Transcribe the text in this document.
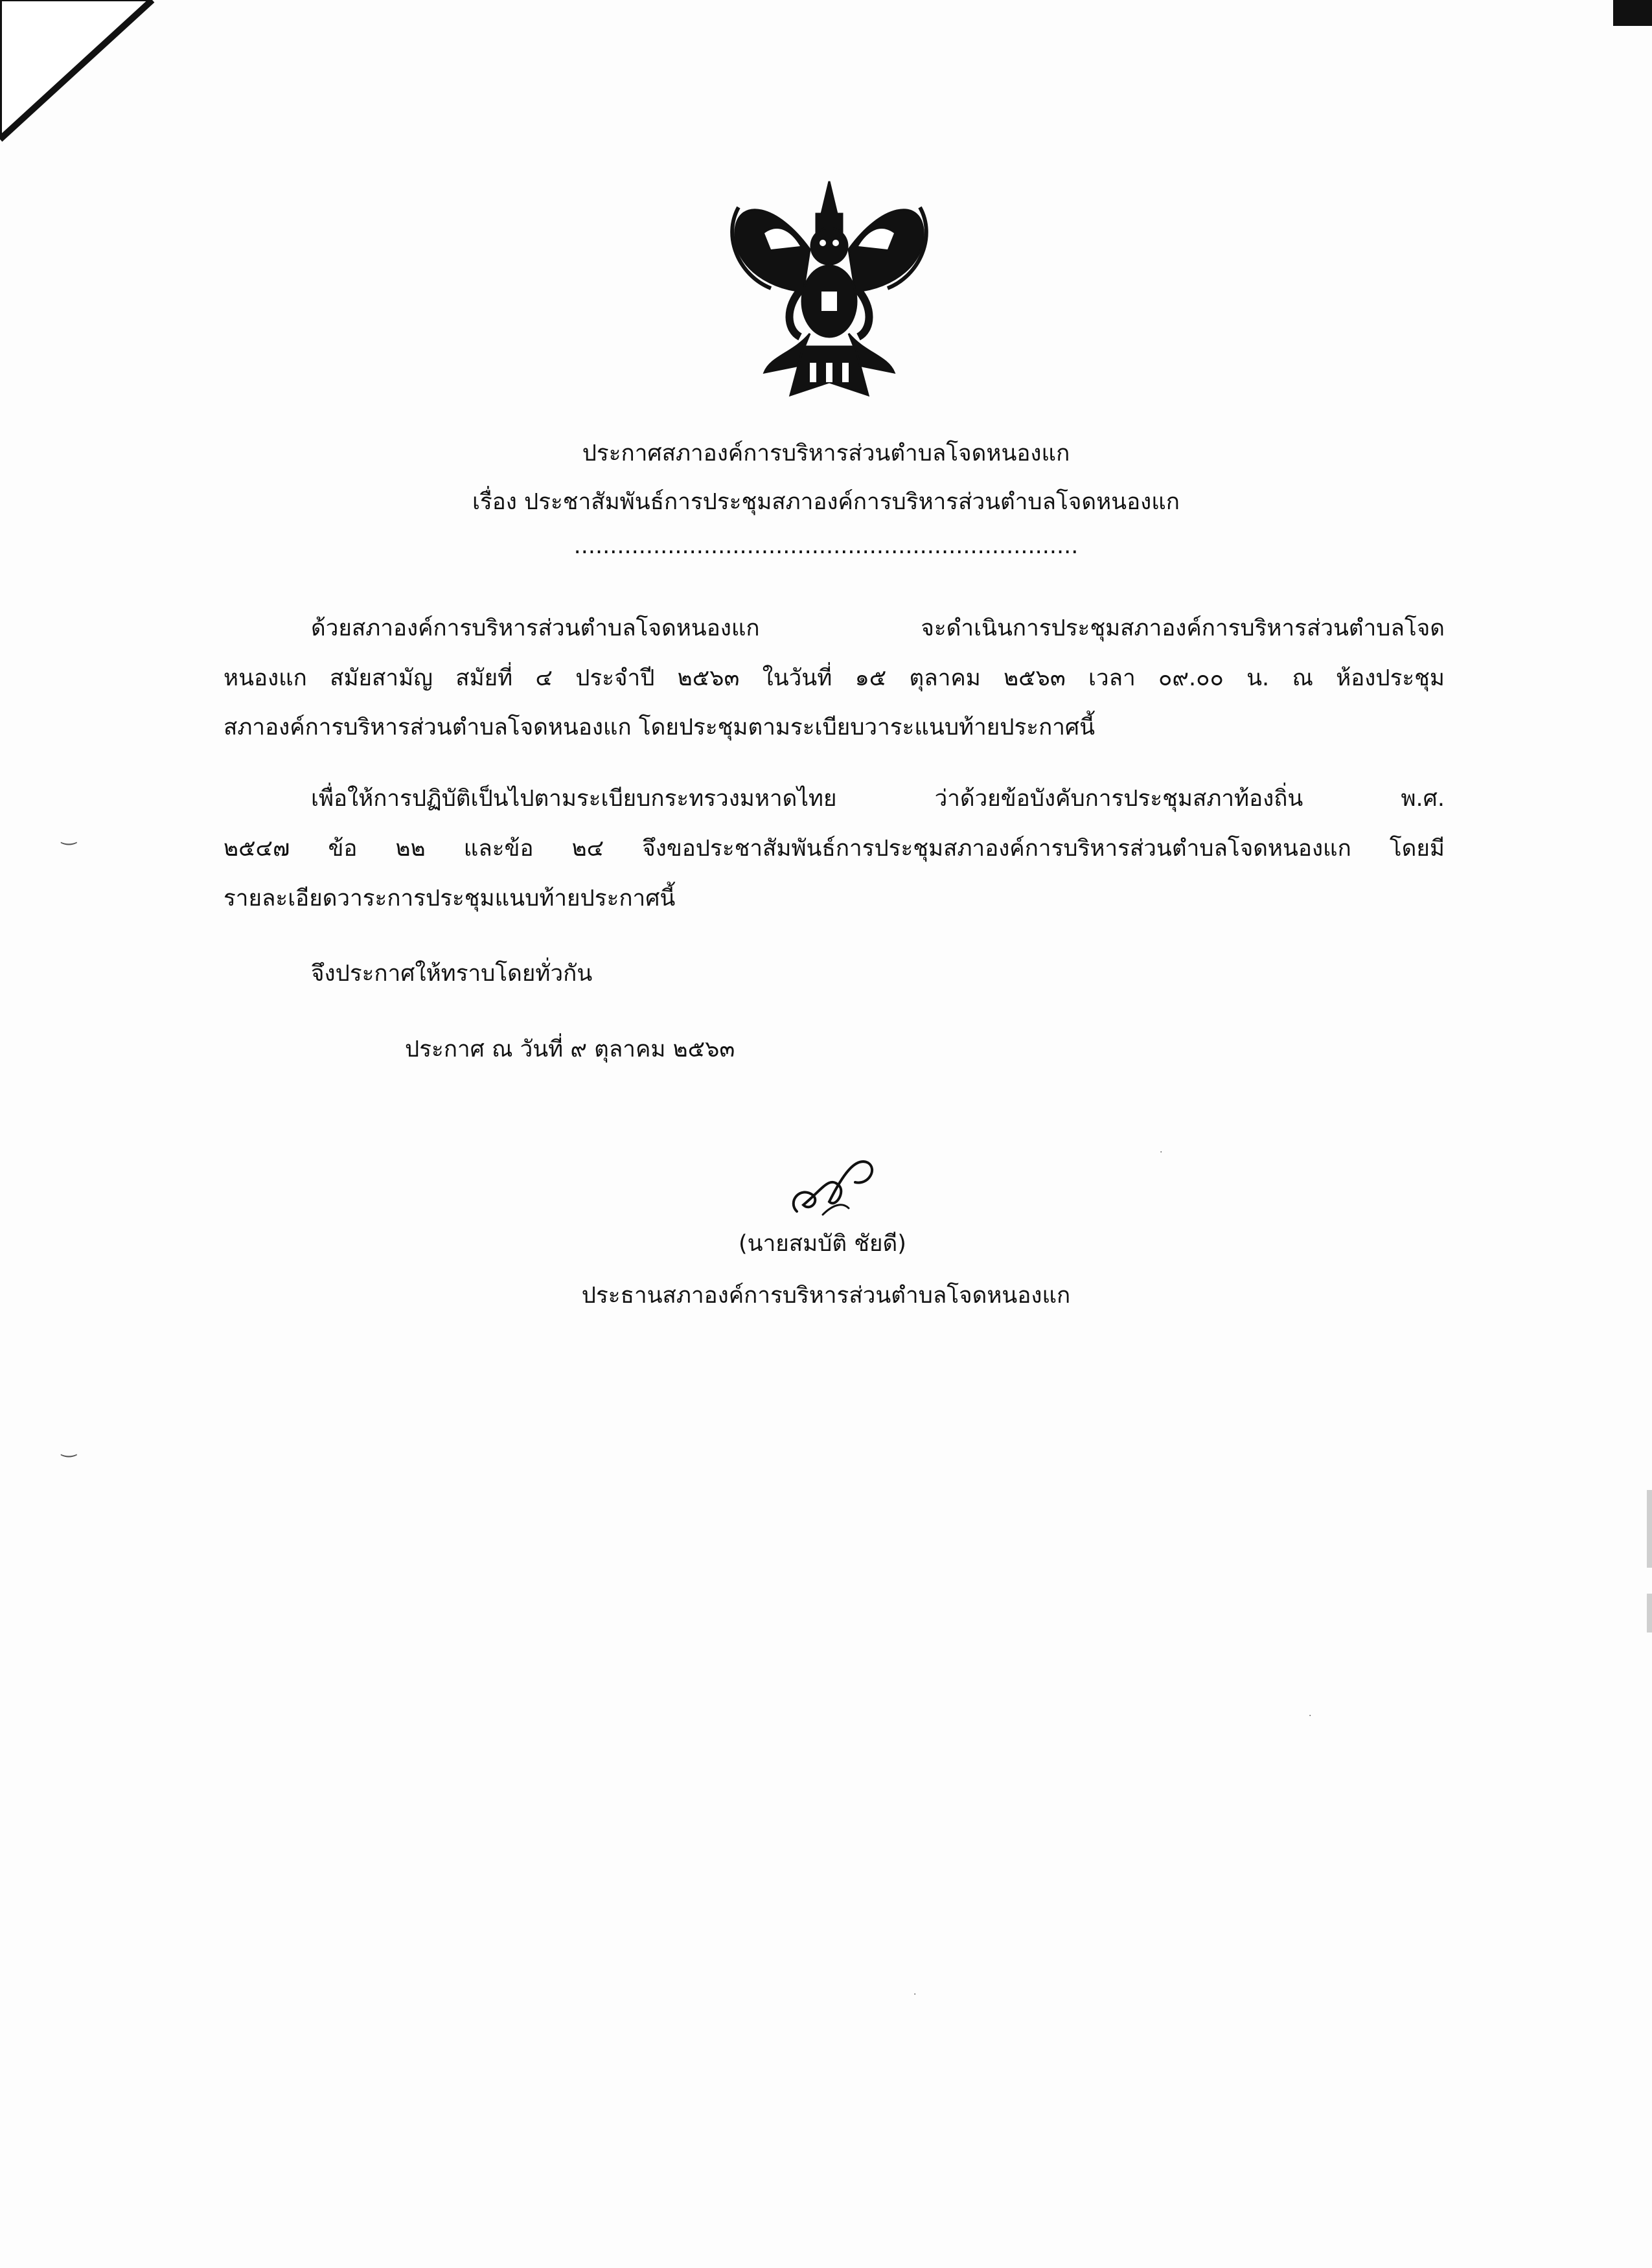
ประกาศสภาองค์การบริหารส่วนตำบลโจดหนองแก
เรื่อง ประชาสัมพันธ์การประชุมสภาองค์การบริหารส่วนตำบลโจดหนองแก
......................................................................
ด้วยสภาองค์การบริหารส่วนตำบลโจดหนองแก จะดำเนินการประชุมสภาองค์การบริหารส่วนตำบลโจด
หนองแก สมัยสามัญ สมัยที่ ๔ ประจำปี ๒๕๖๓ ในวันที่ ๑๕ ตุลาคม ๒๕๖๓ เวลา ๐๙.๐๐ น. ณ ห้องประชุม
สภาองค์การบริหารส่วนตำบลโจดหนองแก โดยประชุมตามระเบียบวาระแนบท้ายประกาศนี้
เพื่อให้การปฏิบัติเป็นไปตามระเบียบกระทรวงมหาดไทย ว่าด้วยข้อบังคับการประชุมสภาท้องถิ่น พ.ศ.
๒๕๔๗ ข้อ ๒๒ และข้อ ๒๔ จึงขอประชาสัมพันธ์การประชุมสภาองค์การบริหารส่วนตำบลโจดหนองแก โดยมี
รายละเอียดวาระการประชุมแนบท้ายประกาศนี้
จึงประกาศให้ทราบโดยทั่วกัน
ประกาศ ณ วันที่ ๙ ตุลาคม ๒๕๖๓
(นายสมบัติ ชัยดี)
ประธานสภาองค์การบริหารส่วนตำบลโจดหนองแก
‿
‿
·
·
·
